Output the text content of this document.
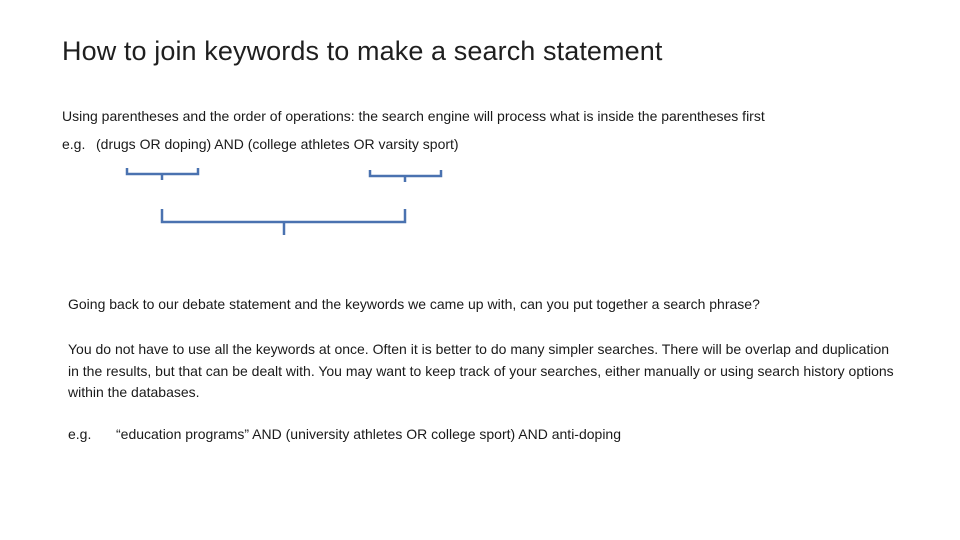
How to join keywords to make a search statement
Using parentheses and the order of operations: the search engine will process what is inside the parentheses first
e.g. (drugs OR doping) AND (college athletes OR varsity sport)
Going back to our debate statement and the keywords we came up with, can you put together a search phrase?
You do not have to use all the keywords at once. Often it is better to do many simpler searches. There will be overlap and duplication in the results, but that can be dealt with. You may want to keep track of your searches, either manually or using search history options within the databases.
e.g. “education programs” AND (university athletes OR college sport) AND anti-doping
